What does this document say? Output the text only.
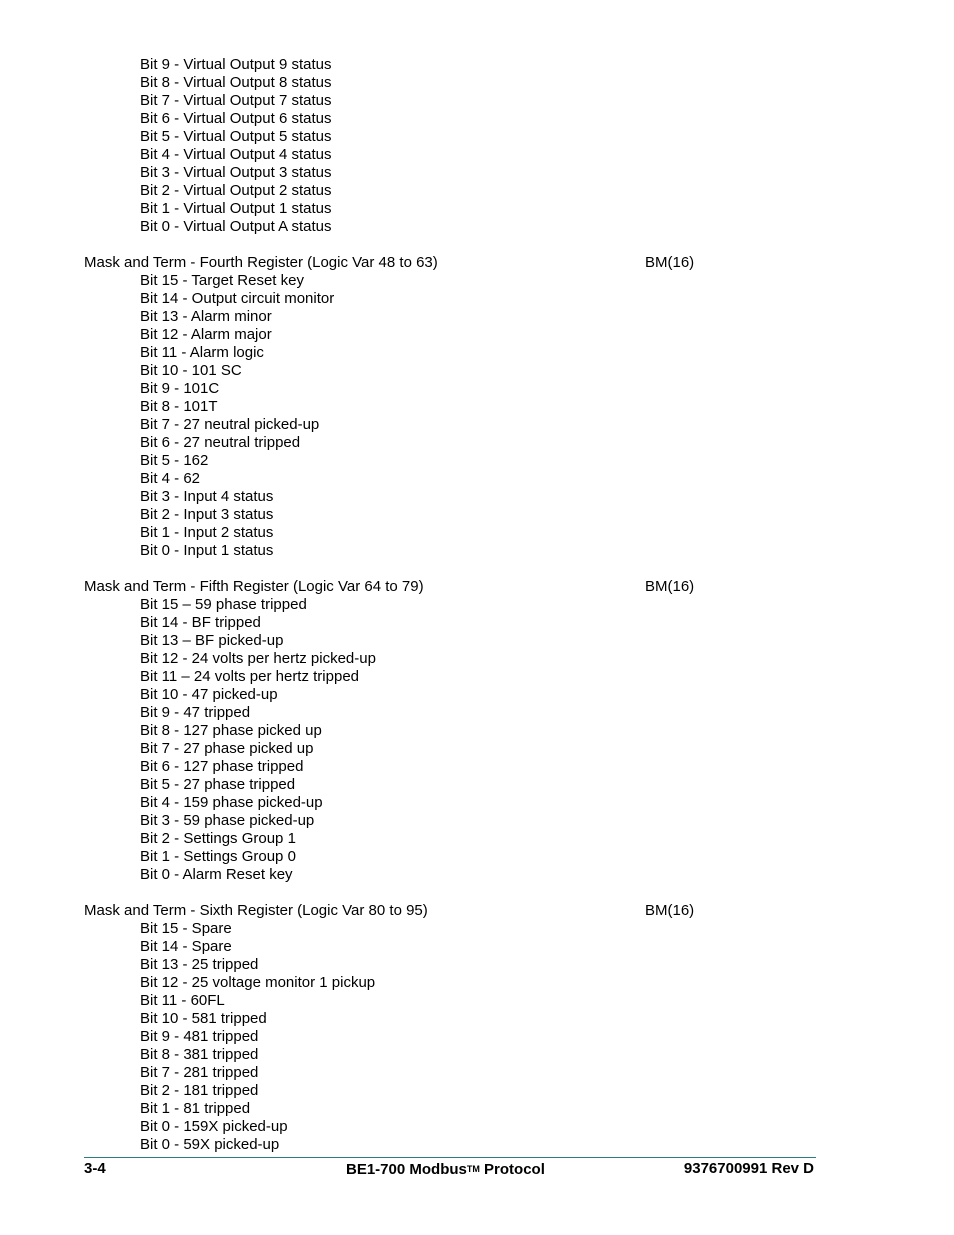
Bit 9 - Virtual Output 9 status
Bit 8 - Virtual Output 8 status
Bit 7 - Virtual Output 7 status
Bit 6 - Virtual Output 6 status
Bit 5 - Virtual Output 5 status
Bit 4 - Virtual Output 4 status
Bit 3 - Virtual Output 3 status
Bit 2 - Virtual Output 2 status
Bit 1 - Virtual Output 1 status
Bit 0 - Virtual Output A status
Mask and Term - Fourth Register (Logic Var 48 to 63)	BM(16)
Bit 15 - Target Reset key
Bit 14 - Output circuit monitor
Bit 13 - Alarm minor
Bit 12 - Alarm major
Bit 11 - Alarm logic
Bit 10 - 101 SC
Bit 9 - 101C
Bit 8 - 101T
Bit 7 - 27 neutral picked-up
Bit 6 - 27 neutral tripped
Bit 5 - 162
Bit 4 - 62
Bit 3 - Input 4 status
Bit 2 - Input 3 status
Bit 1 - Input 2 status
Bit 0 - Input 1 status
Mask and Term - Fifth Register (Logic Var 64 to 79)	BM(16)
Bit 15 – 59 phase tripped
Bit 14 - BF tripped
Bit 13 – BF picked-up
Bit 12 - 24 volts per hertz picked-up
Bit 11 – 24 volts per hertz tripped
Bit 10 - 47 picked-up
Bit 9 - 47 tripped
Bit 8 - 127 phase picked up
Bit 7 - 27 phase picked up
Bit 6 - 127 phase tripped
Bit 5 - 27 phase tripped
Bit 4 - 159 phase picked-up
Bit 3 - 59 phase picked-up
Bit 2 - Settings Group 1
Bit 1 - Settings Group 0
Bit 0 - Alarm Reset key
Mask and Term - Sixth Register (Logic Var 80 to 95)	BM(16)
Bit 15 - Spare
Bit 14 - Spare
Bit 13 - 25 tripped
Bit 12 - 25 voltage monitor 1 pickup
Bit 11 - 60FL
Bit 10 - 581 tripped
Bit 9 - 481 tripped
Bit 8 - 381 tripped
Bit 7 - 281 tripped
Bit 2 - 181 tripped
Bit 1 - 81 tripped
Bit 0 - 159X picked-up
Bit 0 - 59X picked-up
3-4	BE1-700 ModbusTM Protocol	9376700991 Rev D
